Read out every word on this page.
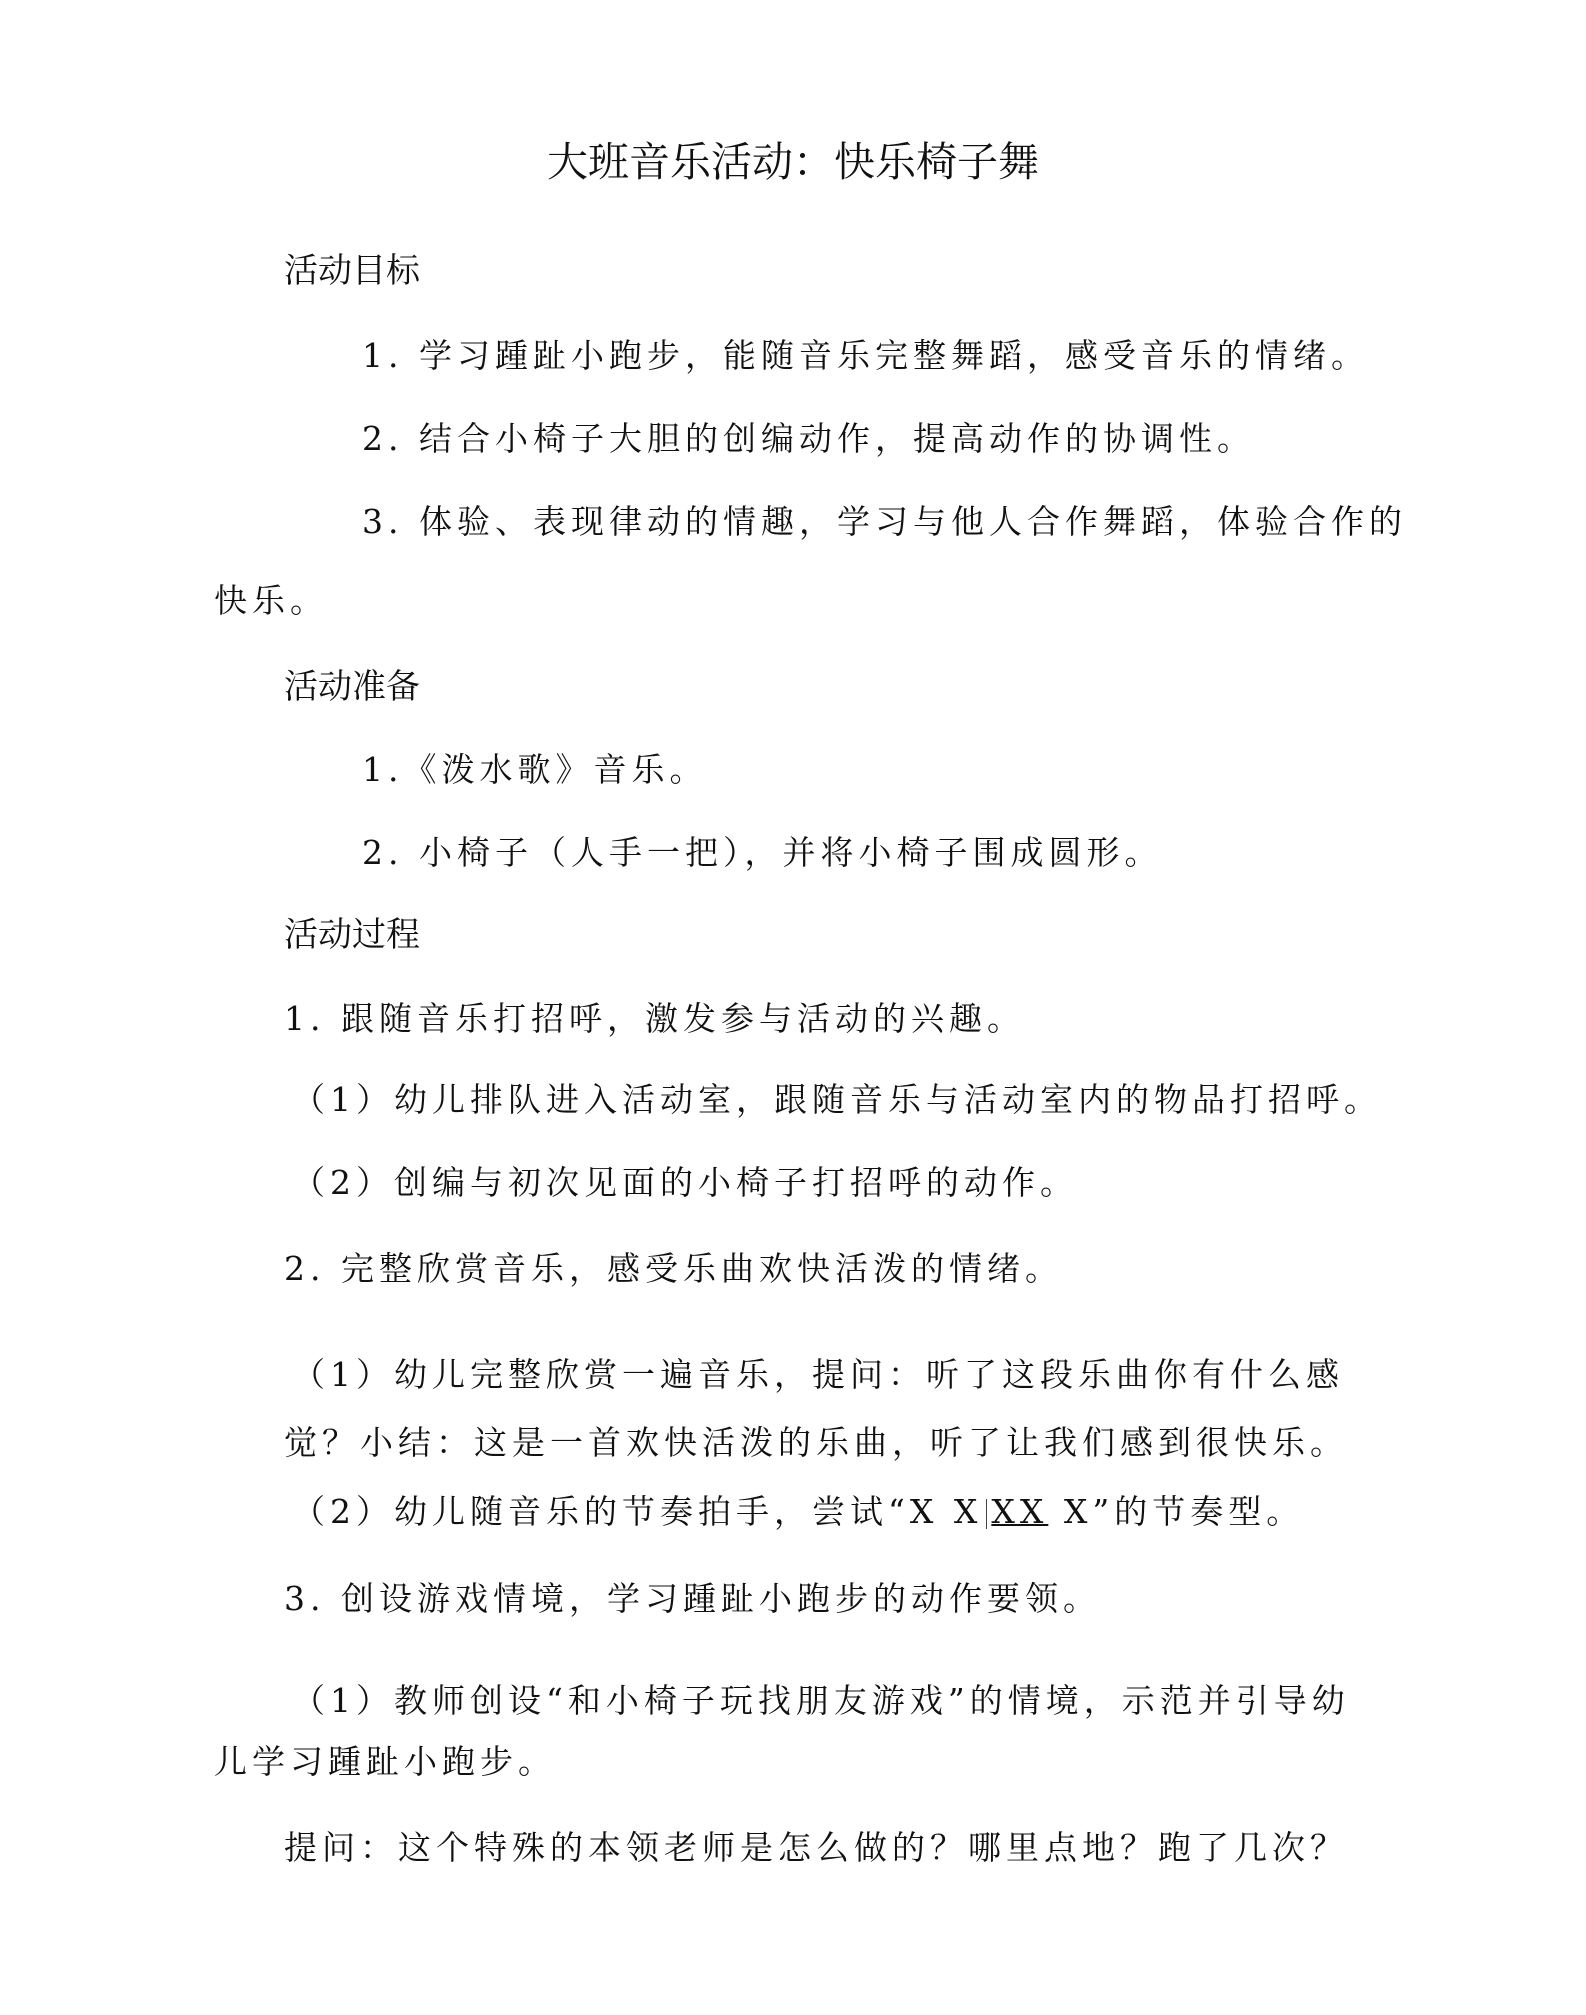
大班音乐活动：快乐椅子舞
活动目标
1. 学习踵趾小跑步，能随音乐完整舞蹈，感受音乐的情绪。
2. 结合小椅子大胆的创编动作，提高动作的协调性。
3. 体验、表现律动的情趣，学习与他人合作舞蹈，体验合作的
快乐。
活动准备
1.《泼水歌》音乐。
2. 小椅子（人手一把），并将小椅子围成圆形。
活动过程
1. 跟随音乐打招呼，激发参与活动的兴趣。
（1）幼儿排队进入活动室，跟随音乐与活动室内的物品打招呼。
（2）创编与初次见面的小椅子打招呼的动作。
2. 完整欣赏音乐，感受乐曲欢快活泼的情绪。
（1）幼儿完整欣赏一遍音乐，提问：听了这段乐曲你有什么感
觉？小结：这是一首欢快活泼的乐曲，听了让我们感到很快乐。
（2）幼儿随音乐的节奏拍手，尝试“X X XX X”的节奏型。
3. 创设游戏情境，学习踵趾小跑步的动作要领。
（1）教师创设“和小椅子玩找朋友游戏”的情境，示范并引导幼
儿学习踵趾小跑步。
提问：这个特殊的本领老师是怎么做的？哪里点地？跑了几次？
